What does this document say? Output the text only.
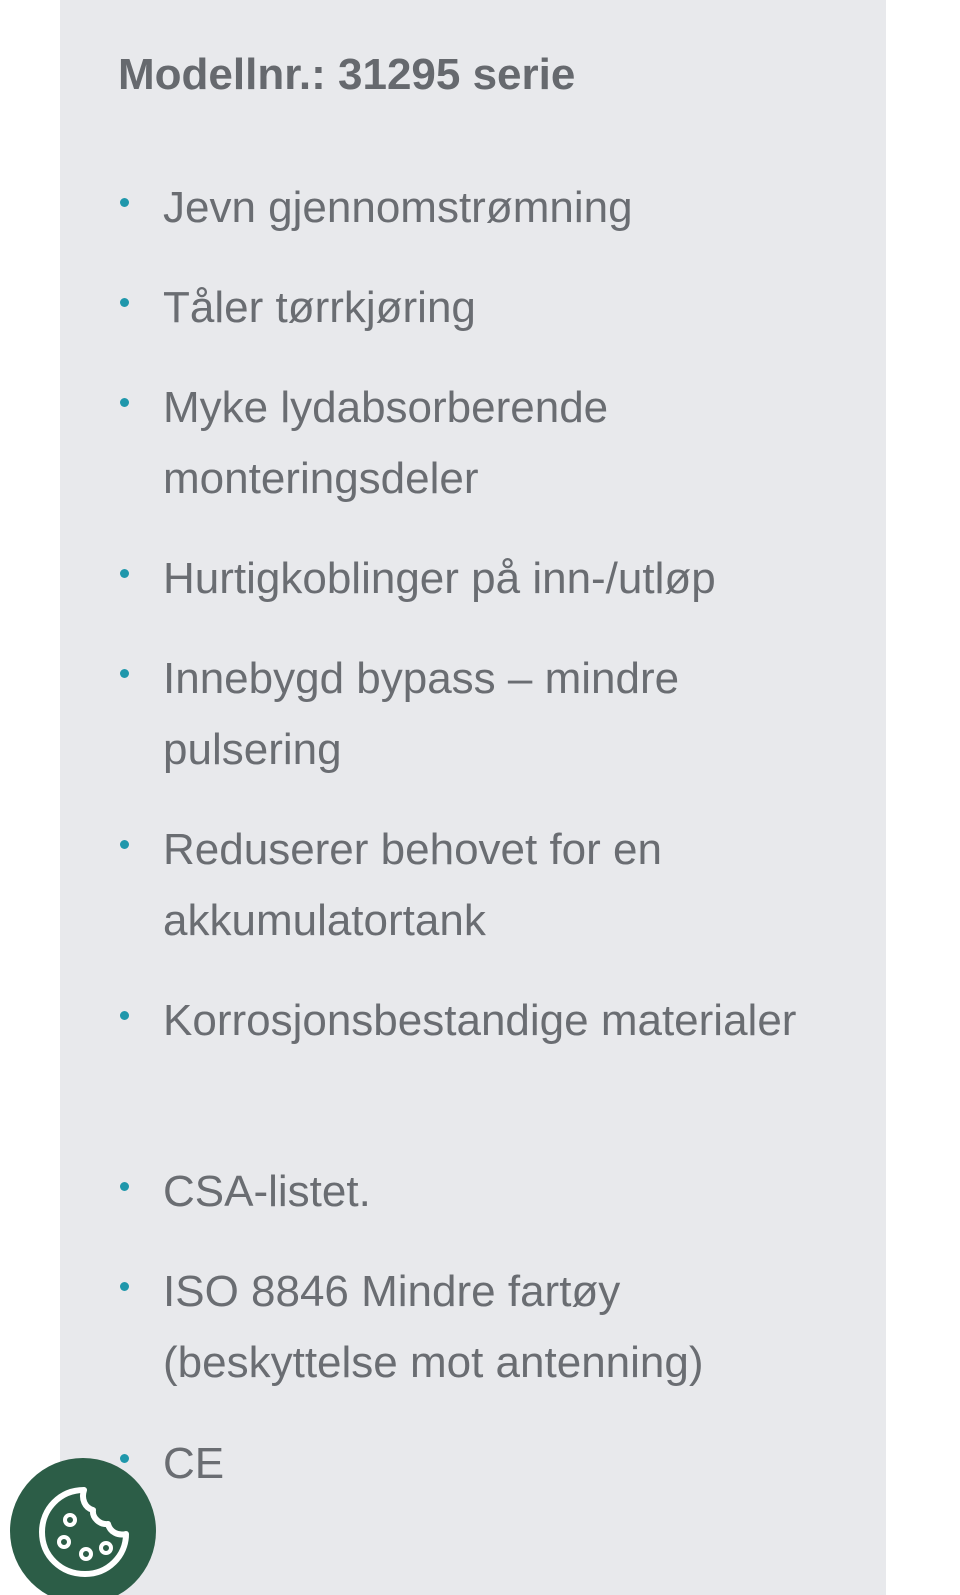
Modellnr.: 31295 serie
Jevn gjennomstrømning
Tåler tørrkjøring
Myke lydabsorberende monteringsdeler
Hurtigkoblinger på inn-/utløp
Innebygd bypass – mindre pulsering
Reduserer behovet for en akkumulatortank
Korrosjonsbestandige materialer
CSA-listet.
ISO 8846 Mindre fartøy (beskyttelse mot antenning)
CE
